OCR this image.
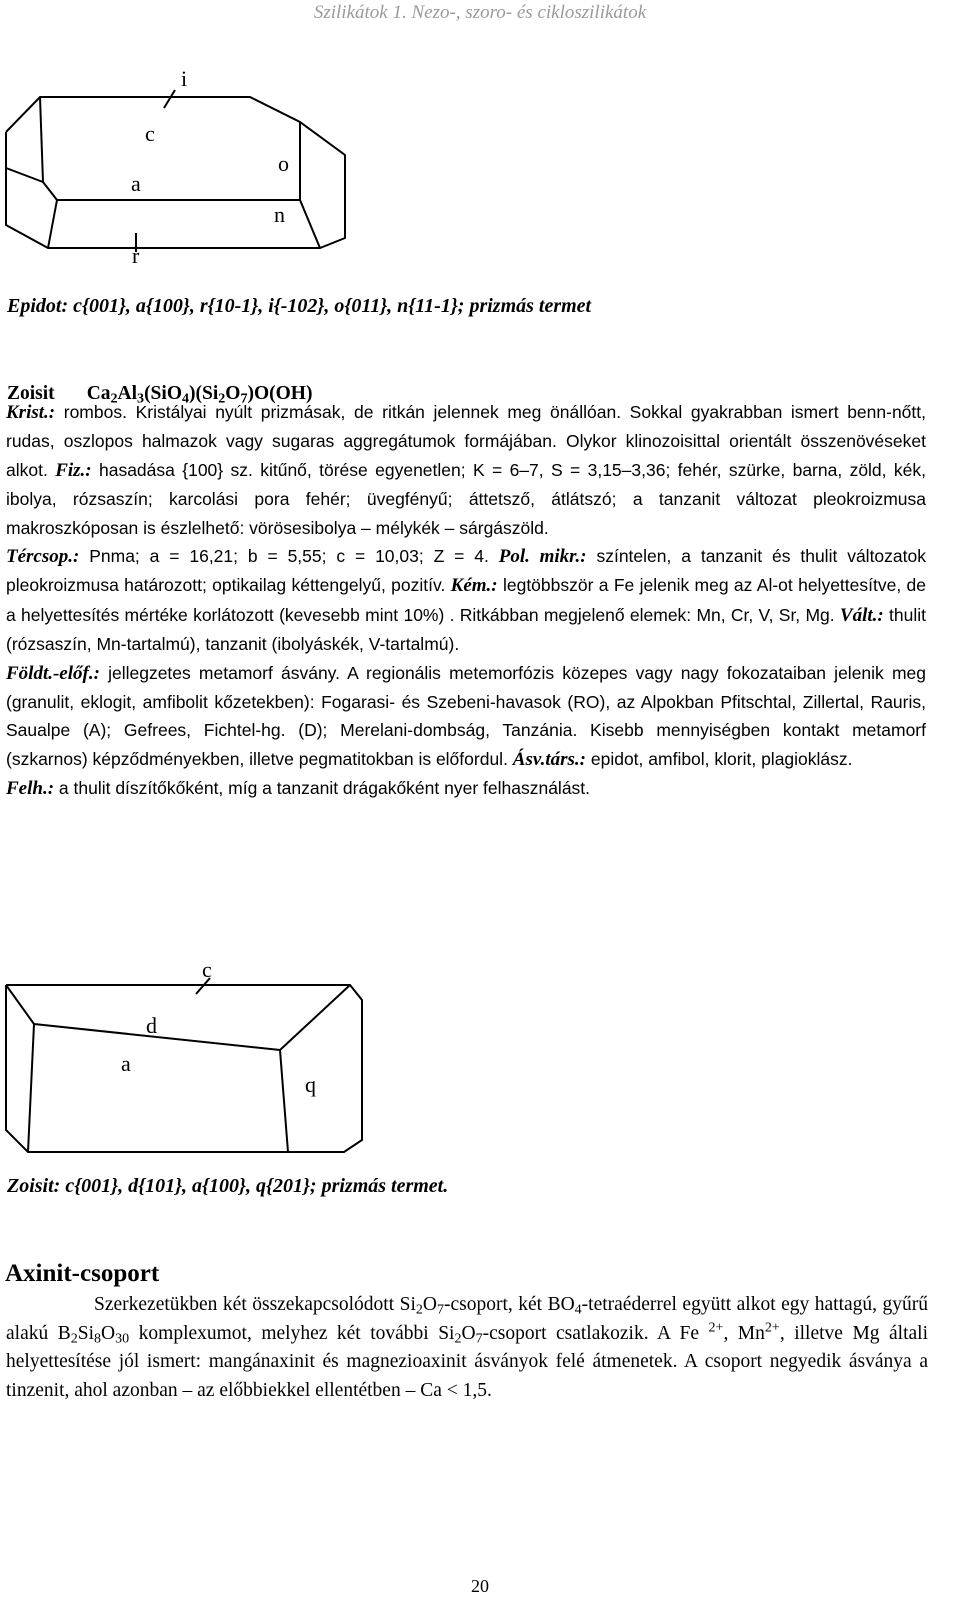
Szilikátok 1. Nezo-, szoro- és cikloszilikátok
i
c
a
o
n
r
Epidot: c{001}, a{100}, r{10-1}, i{-102}, o{011}, n{11-1}; prizmás termet
Zoisit $Ca_2Al_3(SiO_4)(Si_2O_7)O(OH)$
Krist.: rombos. Kristályai nyúlt prizmásak, de ritkán jelennek meg önállóan. Sokkal gyakrabban ismert benn-nőtt, rudas, oszlopos halmazok vagy sugaras aggregátumok formájában. Olykor klinozoisittal orientált összenövéseket alkot. Fiz.: hasadása {100} sz. kitűnő, törése egyenetlen; K = 6–7, S = 3,15–3,36; fehér, szürke, barna, zöld, kék, ibolya, rózsaszín; karcolási pora fehér; üvegfényű; áttetsző, átlátszó; a tanzanit változat pleokroizmusa makroszkóposan is észlelhető: vörösesibolya – mélykék – sárgászöld.
Tércsop.: Pnma; a = 16,21; b = 5,55; c = 10,03; Z = 4. Pol. mikr.: színtelen, a tanzanit és thulit változatok pleokroizmusa határozott; optikailag kéttengelyű, pozitív. Kém.: legtöbbször a Fe jelenik meg az Al-ot helyettesítve, de a helyettesítés mértéke korlátozott (kevesebb mint 10%) . Ritkábban megjelenő elemek: Mn, Cr, V, Sr, Mg. Vált.: thulit (rózsaszín, Mn-tartalmú), tanzanit (ibolyáskék, V-tartalmú).
Földt.-előf.: jellegzetes metamorf ásvány. A regionális metemorfózis közepes vagy nagy fokozataiban jelenik meg (granulit, eklogit, amfibolit kőzetekben): Fogarasi- és Szebeni-havasok (RO), az Alpokban Pfitschtal, Zillertal, Rauris, Saualpe (A); Gefrees, Fichtel-hg. (D); Merelani-dombság, Tanzánia. Kisebb mennyiségben kontakt metamorf (szkarnos) képződményekben, illetve pegmatitokban is előfordul. Ásv.társ.: epidot, amfibol, klorit, plagioklász.
Felh.: a thulit díszítőkőként, míg a tanzanit drágakőként nyer felhasználást.
c
d
a
q
Zoisit: c{001}, d{101}, a{100}, q{201}; prizmás termet.
Axinit-csoport
Szerkezetükben két összekapcsolódott $Si_2O_7$-csoport, két $BO_4$-tetraéderrel együtt alkot egy hattagú, gyűrű alakú $B_2Si_8O_{30}$ komplexumot, melyhez két további $Si_2O_7$-csoport csatlakozik. A Fe $^{2+}$, $Mn^{2+}$, illetve Mg általi helyettesítése jól ismert: mangánaxinit és magnezioaxinit ásványok felé átmenetek. A csoport negyedik ásványa a tinzenit, ahol azonban – az előbbiekkel ellentétben – Ca < 1,5.
20
